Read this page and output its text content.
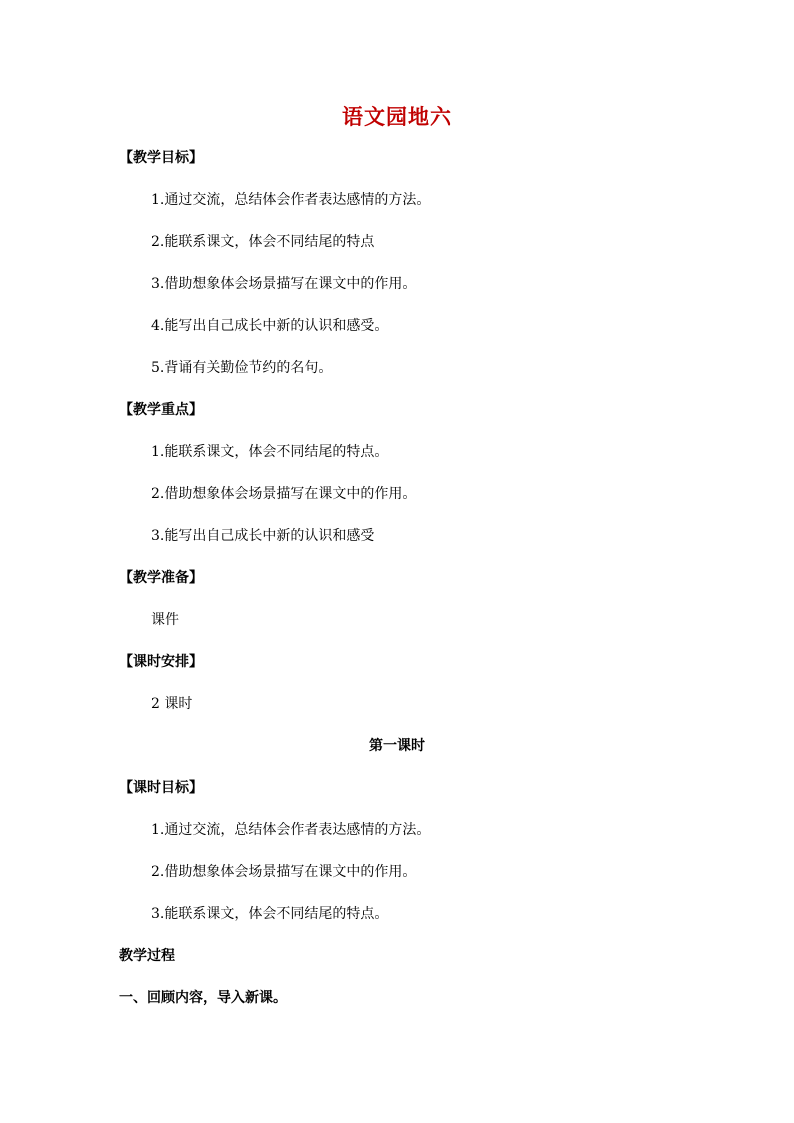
语文园地六
【教学目标】
1.通过交流，总结体会作者表达感情的方法。
2.能联系课文，体会不同结尾的特点
3.借助想象体会场景描写在课文中的作用。
4.能写出自己成长中新的认识和感受。
5.背诵有关勤俭节约的名句。
【教学重点】
1.能联系课文，体会不同结尾的特点。
2.借助想象体会场景描写在课文中的作用。
3.能写出自己成长中新的认识和感受
【教学准备】
课件
【课时安排】
2 课时
第一课时
【课时目标】
1.通过交流，总结体会作者表达感情的方法。
2.借助想象体会场景描写在课文中的作用。
3.能联系课文，体会不同结尾的特点。
教学过程
一、回顾内容，导入新课。
